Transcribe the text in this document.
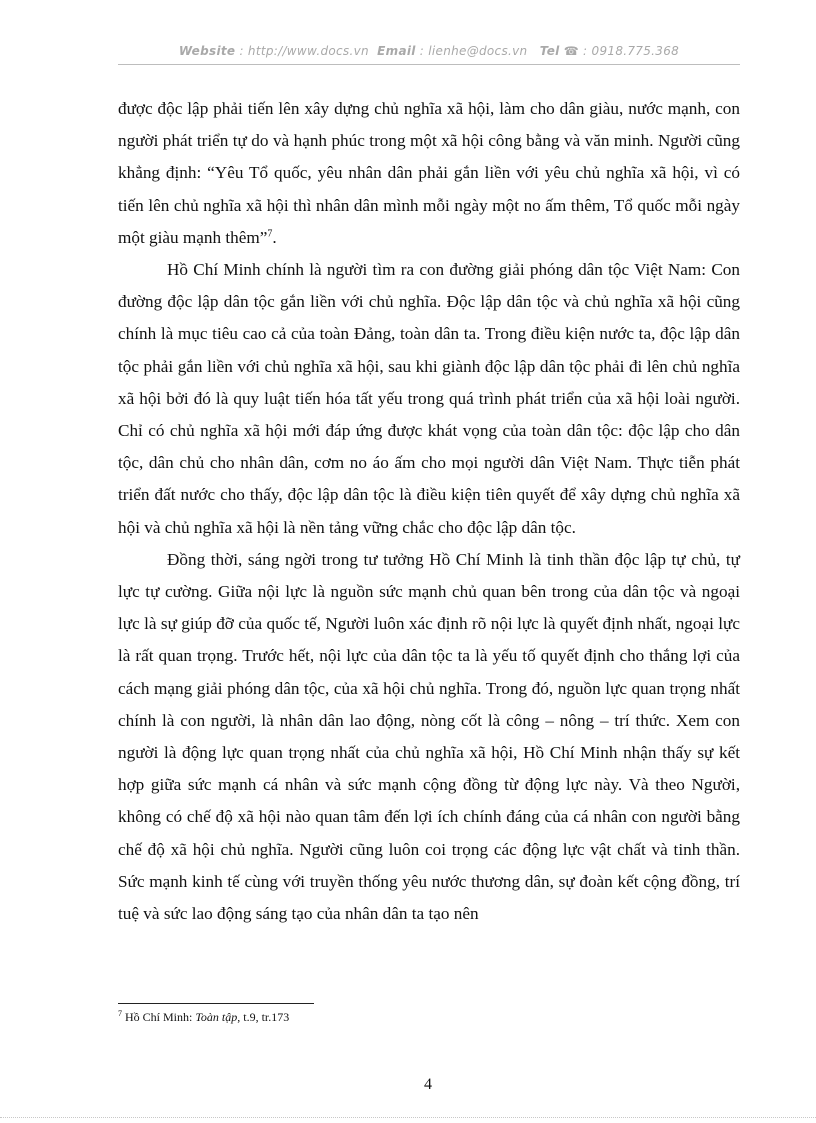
Website : http://www.docs.vn Email : lienhe@docs.vn Tel ☎ : 0918.775.368

được độc lập phải tiến lên xây dựng chủ nghĩa xã hội, làm cho dân giàu, nước mạnh, con người phát triển tự do và hạnh phúc trong một xã hội công bằng và văn minh. Người cũng khẳng định: “Yêu Tổ quốc, yêu nhân dân phải gắn liền với yêu chủ nghĩa xã hội, vì có tiến lên chủ nghĩa xã hội thì nhân dân mình mỗi ngày một no ấm thêm, Tổ quốc mỗi ngày một giàu mạnh thêm”$^7$.

Hồ Chí Minh chính là người tìm ra con đường giải phóng dân tộc Việt Nam: Con đường độc lập dân tộc gắn liền với chủ nghĩa. Độc lập dân tộc và chủ nghĩa xã hội cũng chính là mục tiêu cao cả của toàn Đảng, toàn dân ta. Trong điều kiện nước ta, độc lập dân tộc phải gắn liền với chủ nghĩa xã hội, sau khi giành độc lập dân tộc phải đi lên chủ nghĩa xã hội bởi đó là quy luật tiến hóa tất yếu trong quá trình phát triển của xã hội loài người. Chỉ có chủ nghĩa xã hội mới đáp ứng được khát vọng của toàn dân tộc: độc lập cho dân tộc, dân chủ cho nhân dân, cơm no áo ấm cho mọi người dân Việt Nam. Thực tiễn phát triển đất nước cho thấy, độc lập dân tộc là điều kiện tiên quyết để xây dựng chủ nghĩa xã hội và chủ nghĩa xã hội là nền tảng vững chắc cho độc lập dân tộc.

Đồng thời, sáng ngời trong tư tưởng Hồ Chí Minh là tinh thần độc lập tự chủ, tự lực tự cường. Giữa nội lực là nguồn sức mạnh chủ quan bên trong của dân tộc và ngoại lực là sự giúp đỡ của quốc tế, Người luôn xác định rõ nội lực là quyết định nhất, ngoại lực là rất quan trọng. Trước hết, nội lực của dân tộc ta là yếu tố quyết định cho thắng lợi của cách mạng giải phóng dân tộc, của xã hội chủ nghĩa. Trong đó, nguồn lực quan trọng nhất chính là con người, là nhân dân lao động, nòng cốt là công – nông – trí thức. Xem con người là động lực quan trọng nhất của chủ nghĩa xã hội, Hồ Chí Minh nhận thấy sự kết hợp giữa sức mạnh cá nhân và sức mạnh cộng đồng từ động lực này. Và theo Người, không có chế độ xã hội nào quan tâm đến lợi ích chính đáng của cá nhân con người bằng chế độ xã hội chủ nghĩa. Người cũng luôn coi trọng các động lực vật chất và tinh thần. Sức mạnh kinh tế cùng với truyền thống yêu nước thương dân, sự đoàn kết cộng đồng, trí tuệ và sức lao động sáng tạo của nhân dân ta tạo nên

$^7$ Hồ Chí Minh: Toàn tập, t.9, tr.173
4
